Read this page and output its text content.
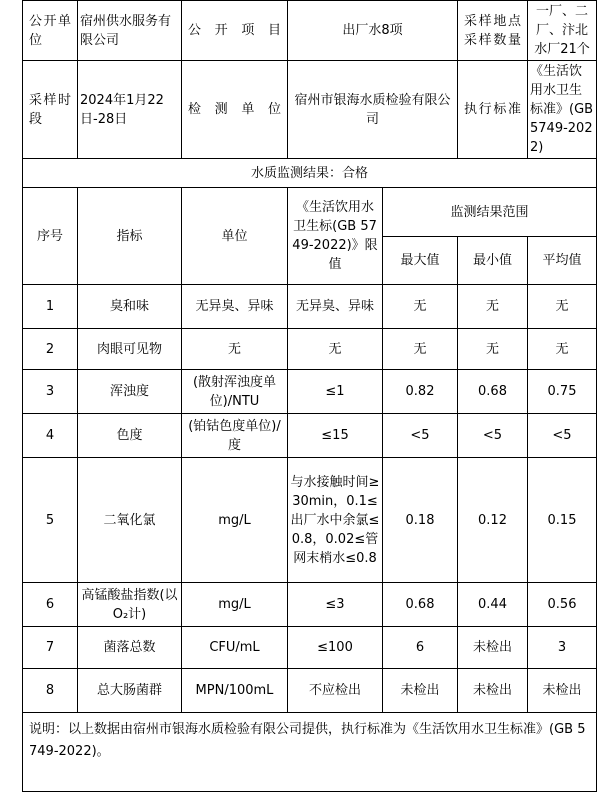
公开单位	宿州供水服务有限公司	公开项目	出厂水8项		采样地点采样数量	一厂、二厂、汴北水厂21个
采样时段	2024年1月22日-28日	检测单位	宿州市银海水质检验有限公司		执行标准	《生活饮用水卫生标准》(GB 5749-2022)
水质监测结果：合格						
序号	指标	单位	《生活饮用水卫生标(GB 5749-2022)》限值	监测结果范围		
				最大值	最小值	平均值
1	臭和味	无异臭、异味	无异臭、异味	无	无	无
2	肉眼可见物	无	无	无	无	无
3	浑浊度	(散射浑浊度单位)/NTU	≤1	0.82	0.68	0.75
4	色度	(铂钴色度单位)/度	≤15	<5	<5	<5
5	二氧化氯	mg/L	与水接触时间≥30min，0.1≤出厂水中余氯≤0.8，0.02≤管网末梢水≤0.8	0.18	0.12	0.15
6	高锰酸盐指数(以O₂计)	mg/L	≤3	0.68	0.44	0.56
7	菌落总数	CFU/mL	≤100	6	未检出	3
8	总大肠菌群	MPN/100mL	不应检出	未检出	未检出	未检出
说明：以上数据由宿州市银海水质检验有限公司提供，执行标准为《生活饮用水卫生标准》(GB 5749-2022)。						
